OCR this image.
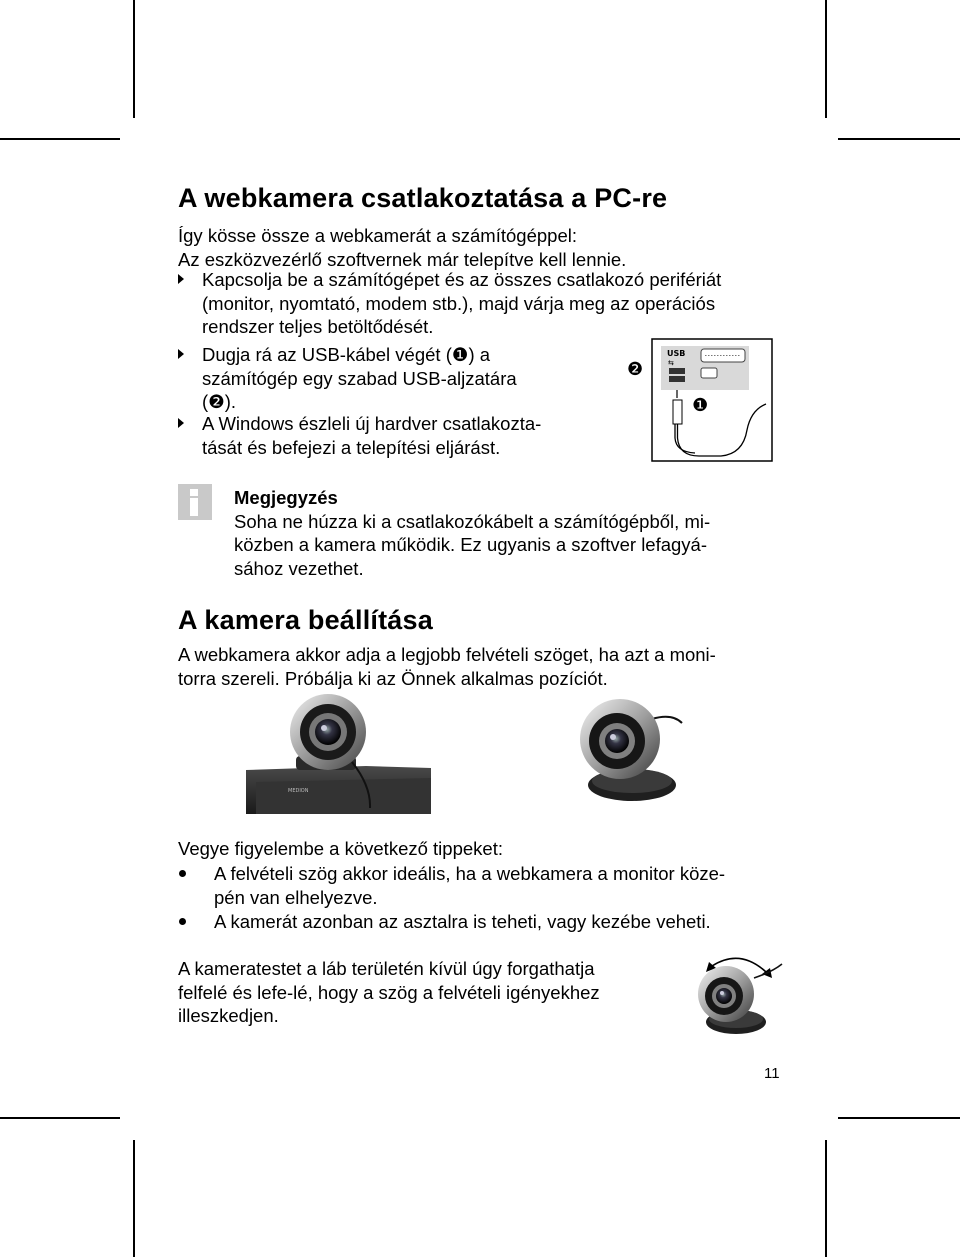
A webkamera csatlakoztatása a PC-re
Így kösse össze a webkamerát a számítógéppel:
Az eszközvezérlő szoftvernek már telepítve kell lennie.
Kapcsolja be a számítógépet és az összes csatlakozó perifériát
(monitor, nyomtató, modem stb.), majd várja meg az operációs
rendszer teljes betöltődését.
Dugja rá az USB-kábel végét (❶) a
számítógép egy szabad USB-aljzatára
(❷).
A Windows észleli új hardver csatlakozta-
tását és befejezi a telepítési eljárást.
❷
USB
⇆
❶
Megjegyzés
Soha ne húzza ki a csatlakozókábelt a számítógépből, mi-
közben a kamera működik. Ez ugyanis a szoftver lefagyá-
sához vezethet.
A kamera beállítása
A webkamera akkor adja a legjobb felvételi szöget, ha azt a moni-
torra szereli. Próbálja ki az Önnek alkalmas pozíciót.
MEDION
Vegye figyelembe a következő tippeket:
A felvételi szög akkor ideális, ha a webkamera a monitor köze-
pén van elhelyezve.
A kamerát azonban az asztalra is teheti, vagy kezébe veheti.
A kameratestet a láb területén kívül úgy forgathatja
felfelé és lefe-lé, hogy a szög a felvételi igényekhez
illeszkedjen.
11
